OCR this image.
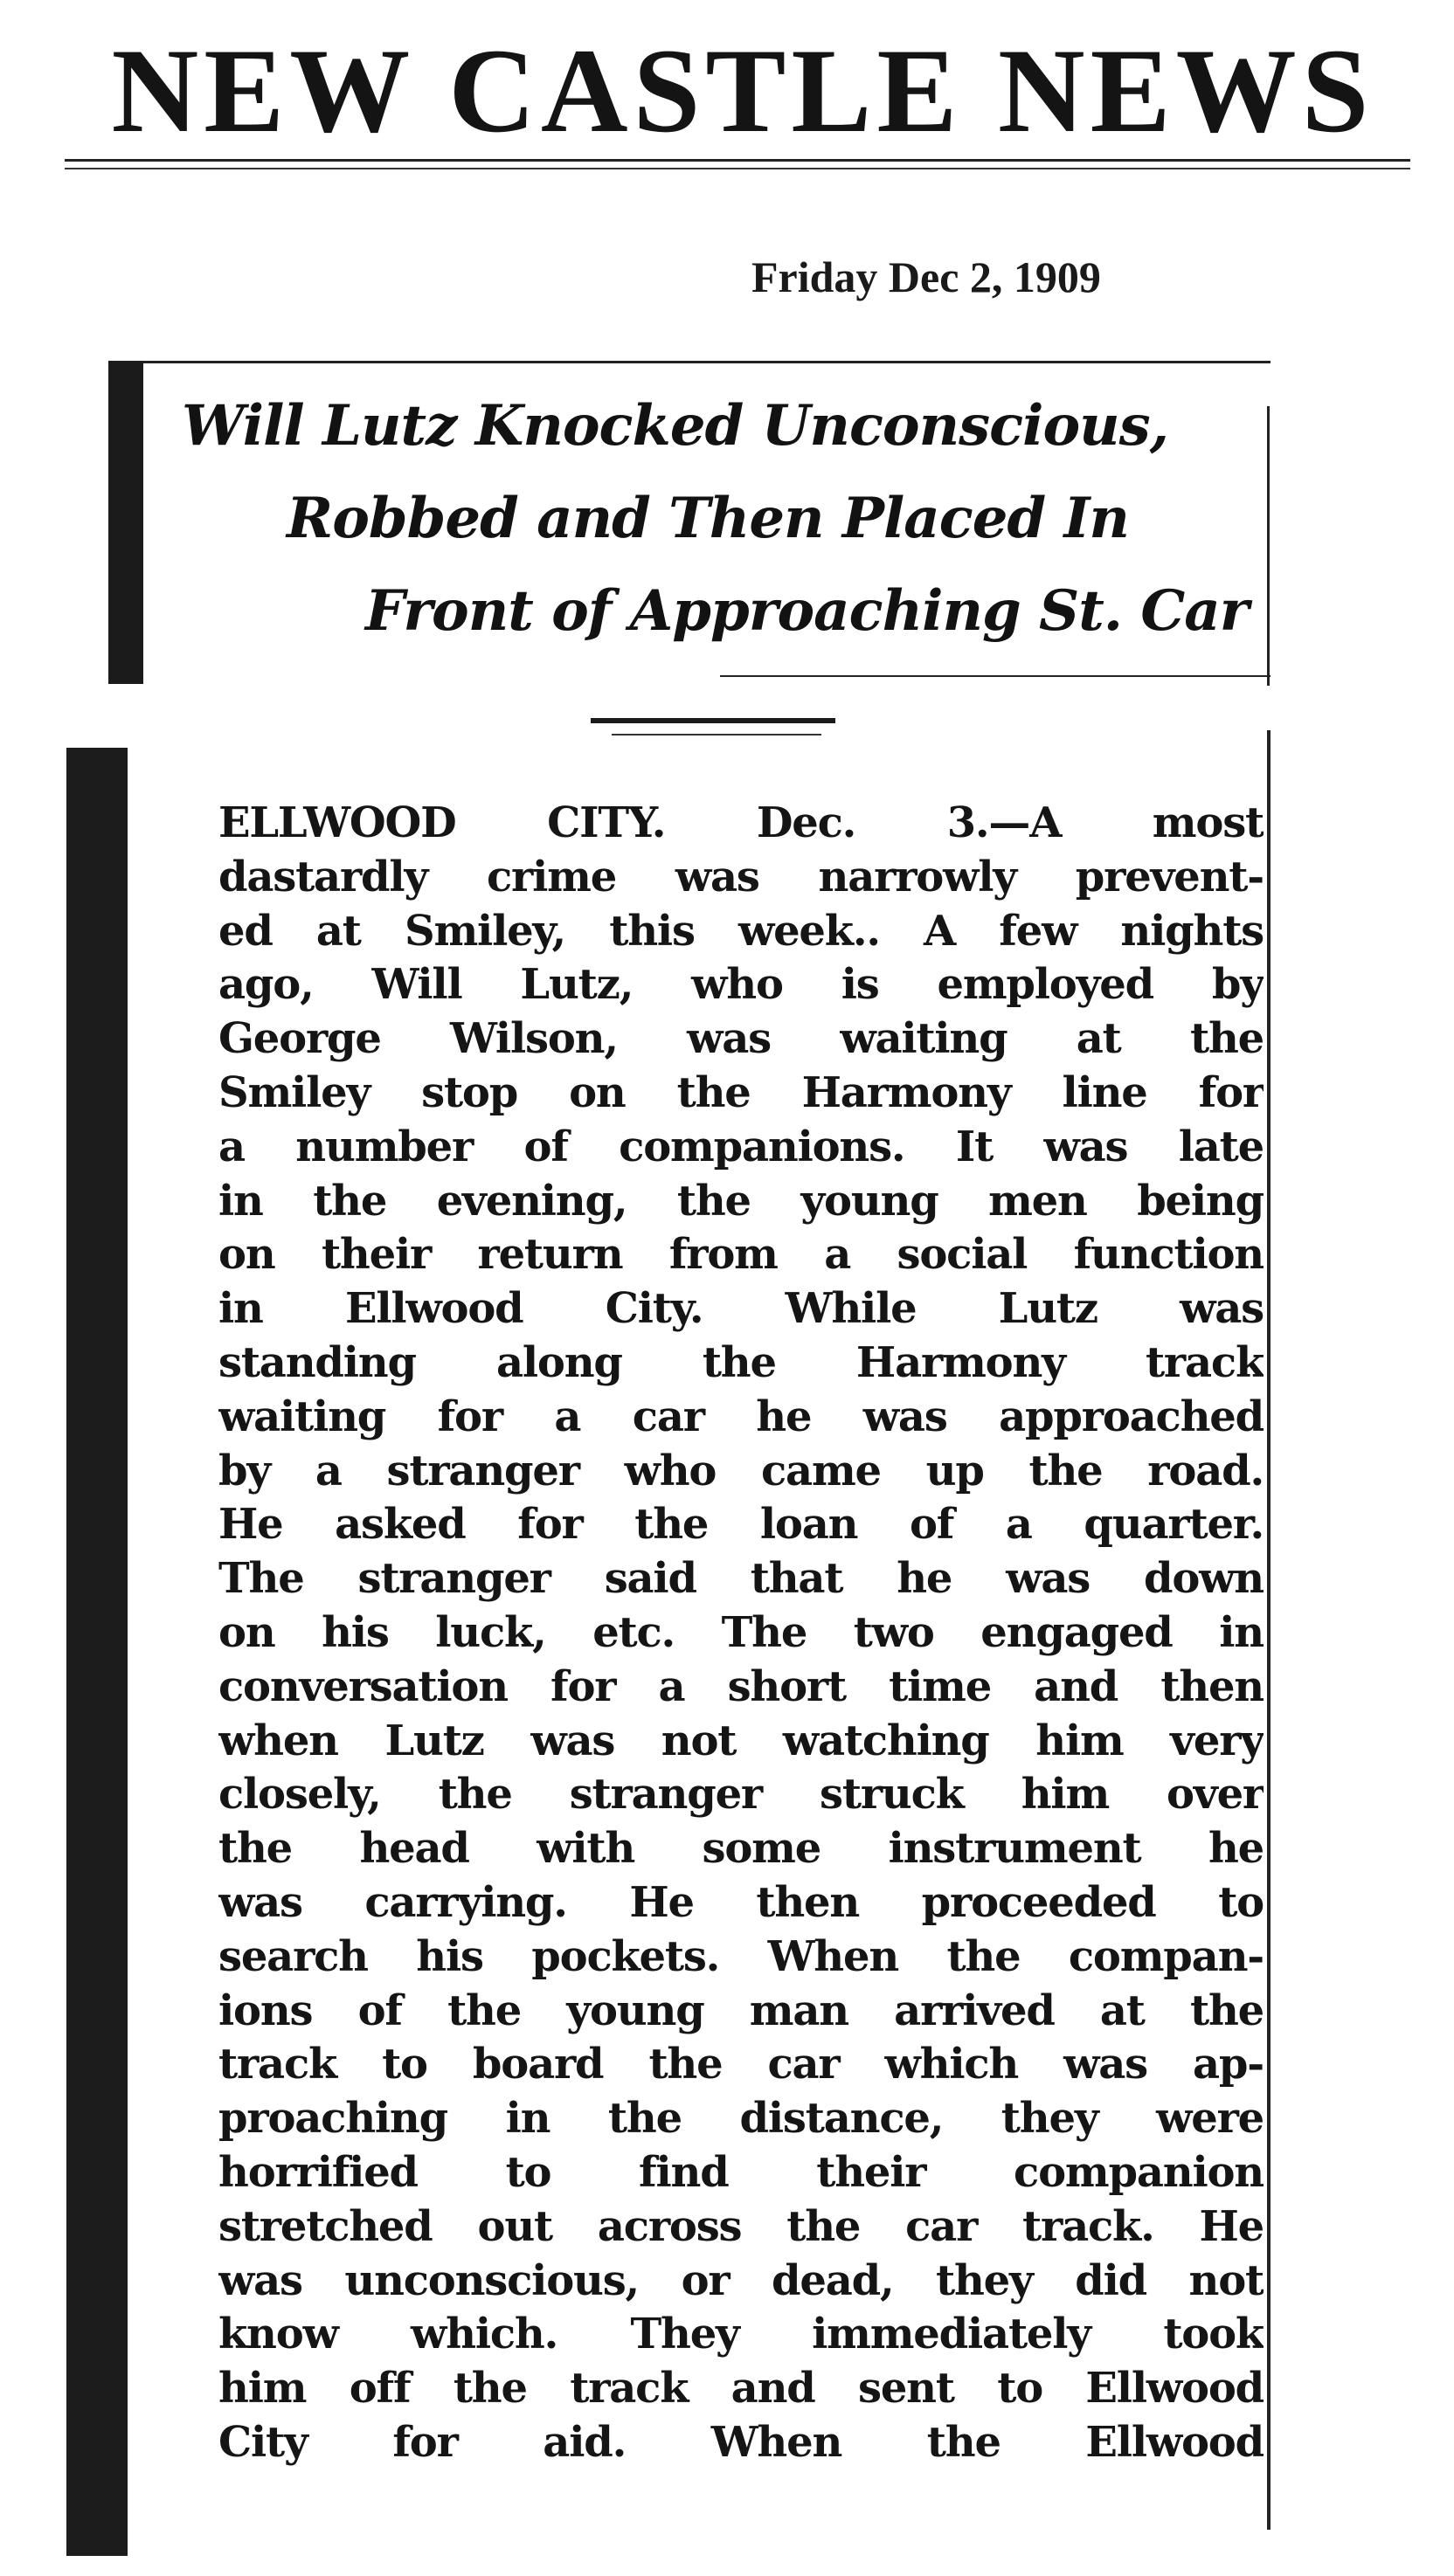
NEW CASTLE NEWS
Friday Dec 2, 1909
Will Lutz Knocked Unconscious,
Robbed and Then Placed In
Front of Approaching St. Car
ELLWOOD CITY. Dec. 3.—A most
dastardly crime was narrowly prevent-
ed at Smiley, this week.. A few nights
ago, Will Lutz, who is employed by
George Wilson, was waiting at the
Smiley stop on the Harmony line for
a number of companions. It was late
in the evening, the young men being
on their return from a social function
in Ellwood City. While Lutz was
standing along the Harmony track
waiting for a car he was approached
by a stranger who came up the road.
He asked for the loan of a quarter.
The stranger said that he was down
on his luck, etc. The two engaged in
conversation for a short time and then
when Lutz was not watching him very
closely, the stranger struck him over
the head with some instrument he
was carrying. He then proceeded to
search his pockets. When the compan-
ions of the young man arrived at the
track to board the car which was ap-
proaching in the distance, they were
horrified to find their companion
stretched out across the car track. He
was unconscious, or dead, they did not
know which. They immediately took
him off the track and sent to Ellwood
City for aid. When the Ellwood
